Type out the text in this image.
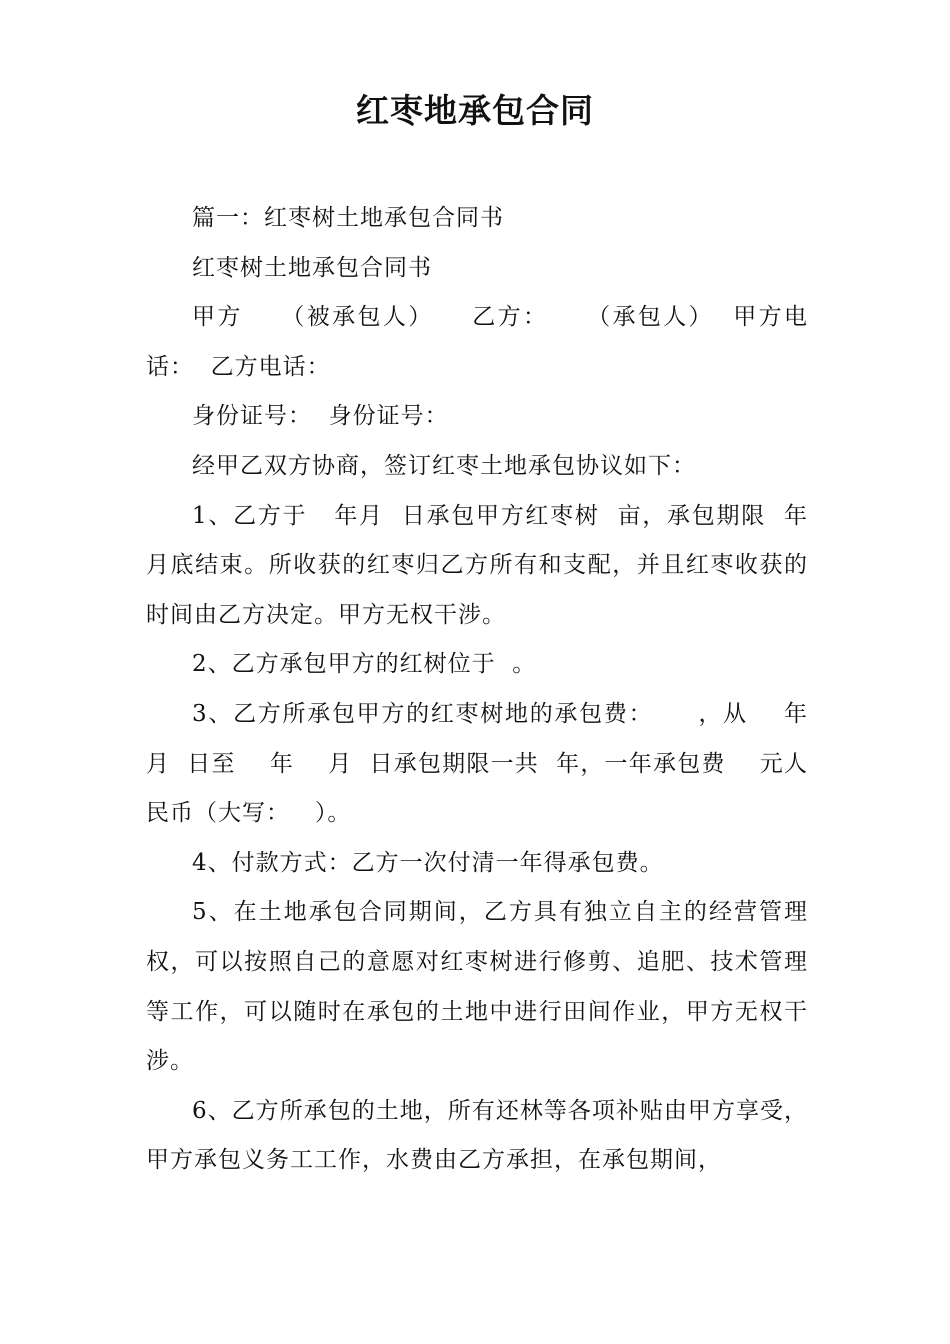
红枣地承包合同

篇一：红枣树土地承包合同书

红枣树土地承包合同书

甲方    （被承包人）    乙方：    （承包人）  甲方电话：  乙方电话：

身份证号：  身份证号：

经甲乙双方协商，签订红枣土地承包协议如下：

1、乙方于   年月  日承包甲方红枣树  亩，承包期限  年月底结束。所收获的红枣归乙方所有和支配，并且红枣收获的时间由乙方决定。甲方无权干涉。

2、乙方承包甲方的红树位于  。

3、乙方所承包甲方的红枣树地的承包费：     ，从    年月  日至    年    月  日承包期限一共  年，一年承包费    元人民币（大写：   ）。

4、付款方式：乙方一次付清一年得承包费。

5、在土地承包合同期间，乙方具有独立自主的经营管理权，可以按照自己的意愿对红枣树进行修剪、追肥、技术管理等工作，可以随时在承包的土地中进行田间作业，甲方无权干涉。

6、乙方所承包的土地，所有还林等各项补贴由甲方享受，甲方承包义务工工作，水费由乙方承担，在承包期间，
